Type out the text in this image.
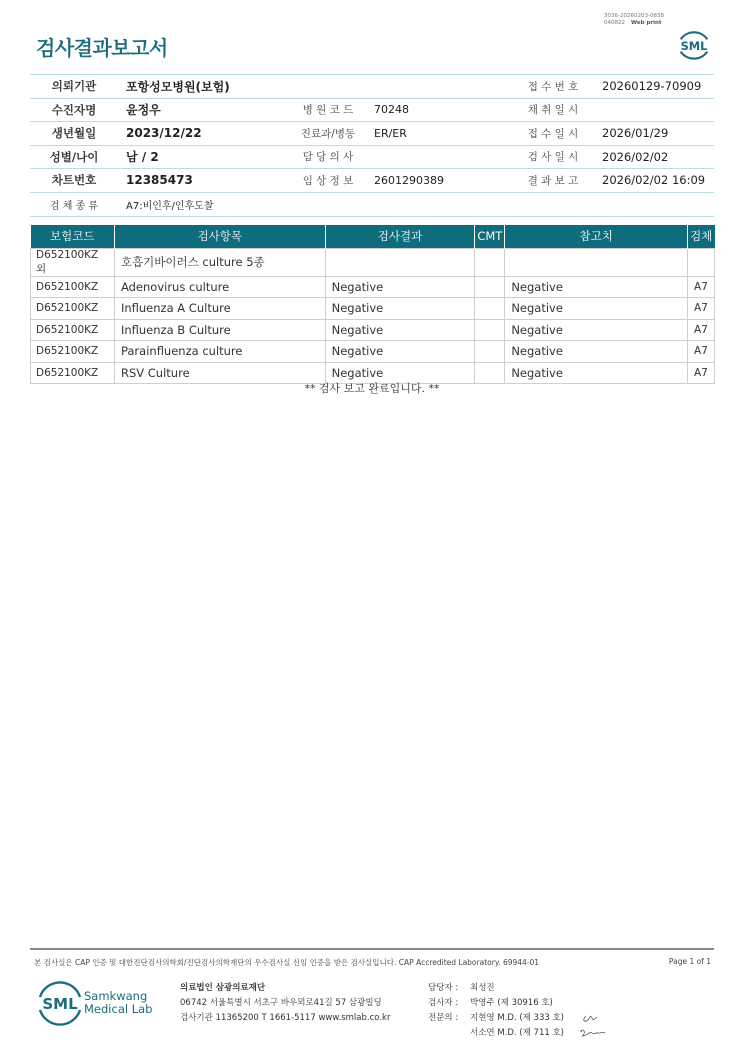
3036-20260203-0838
040822 Web print
검사결과보고서	SML
의뢰기관	포항성모병원(보험)			접 수 번 호	20260129-70909
수진자명	윤정우	병 원 코 드	70248	채 취 일 시	
생년월일	2023/12/22	진료과/병동	ER/ER	접 수 일 시	2026/01/29
성별/나이	남 / 2	담 당 의 사		검 사 일 시	2026/02/02
차트번호	12385473	임 상 정 보	2601290389	결 과 보 고	2026/02/02 16:09
검 체 종 류	A7:비인후/인후도찰				
보험코드	검사항목	검사결과	CMT	참고치	검체
D652100KZ외	호흡기바이러스 culture 5종				
D652100KZ	Adenovirus culture	Negative		Negative	A7
D652100KZ	Influenza A Culture	Negative		Negative	A7
D652100KZ	Influenza B Culture	Negative		Negative	A7
D652100KZ	Parainfluenza culture	Negative		Negative	A7
D652100KZ	RSV Culture	Negative		Negative	A7
** 검사 보고 완료입니다. **
본 검사실은 CAP 인증 및 대한진단검사의학회/진단검사의학재단의 우수검사실 신임 인증을 받은 검사실입니다. CAP Accredited Laboratory. 69944-01	Page 1 of 1
SML Samkwang
Medical Lab
의료법인 삼광의료재단
06742 서울특별시 서초구 바우뫼로41길 57 삼광빌딩
검사기관 11365200 T 1661-5117 www.smlab.co.kr
담당자 : 최성진
검사자 : 박영주 (제 30916 호)
전문의 : 지현영 M.D. (제 333 호)
서소연 M.D. (제 711 호)
